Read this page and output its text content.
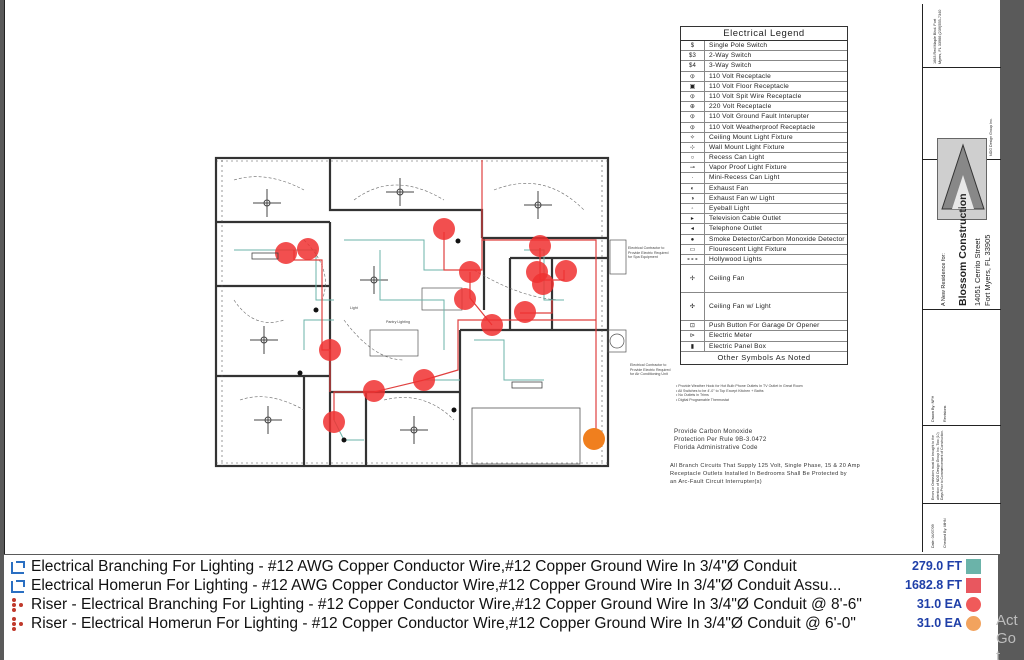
Pantry Lighting
Light
Electrical Contractor to Provide Electric Required for Spa Equipment
Electrical Contractor to Provide Electric Required for Air Conditioning Unit
Electrical Legend
$	Single Pole Switch
$3	2-Way Switch
$4	3-Way Switch
⦶	110 Volt Receptacle
▣	110 Volt Floor Receptacle
⦶	110 Volt Spit Wire Receptacle
⊕	220 Volt Receptacle
⦶	110 Volt Ground Fault Interupter
⦶	110 Volt Weatherproof Receptacle
✧	Ceiling Mount Light Fixture
⊹	Wall Mount Light Fixture
○	Recess Can Light
⊸	Vapor Proof Light Fixture
·	Mini-Recess Can Light
◐	Exhaust Fan
◑	Exhaust Fan w/ Light
◦	Eyeball Light
▸	Television Cable Outlet
◂	Telephone Outlet
●	Smoke Detector/Carbon Monoxide Detector
▭	Flourescent Light Fixture
∘∘∘	Hollywood Lights
✢	Ceiling Fan
✣	Ceiling Fan w/ Light
⊡	Push Button For Garage Dr Opener
⊳	Electric Meter
▮	Electric Panel Box
Other Symbols As Noted
• Provide Weather Hook for Hot Bulb Phone Outlets In TV Outlet in Great Room
• All Switches to be 4'-0" to Top Except Kitchen + Baths
• No Outlets in Trims
• Digital Programable Thermostat
Provide Carbon Monoxide
Protection Per Rule 9B-3.0472
Florida Administrative Code
All Branch Circuits That Supply 125 Volt, Single Phase, 15 & 20 Amp
Receptacle Outlets Installed In Bedrooms Shall Be Protected by
an Arc-Fault Circuit Interrupter(s)
1663 Red Maple Blvd. Fort Myers, FL 33966 (239)555-7340
NDG Design Group Inc.
A New Residence for: Blossom Construction 14051 Cerrito Street Fort Myers, FL 33905
Drawn By: NFH Revisions
Errors or Omissions must be brought to the attention of NDG Design Group Inc. Two (10) Days Prior to Commencement of Construction.
Date: 04/07/09 Checked By: MHN
Electrical Branching For Lighting - #12 AWG Copper Conductor Wire,#12 Copper Ground Wire In 3/4"Ø Conduit	279.0 FT
Electrical Homerun For Lighting - #12 AWG Copper Conductor Wire,#12 Copper Ground Wire In 3/4"Ø Conduit Assu...	1682.8 FT
Riser - Electrical Branching For Lighting - #12 Copper Conductor Wire,#12 Copper Ground Wire In 3/4"Ø Conduit @ 8'-6"	31.0 EA
Riser - Electrical Homerun For Lighting - #12 Copper Conductor Wire,#12 Copper Ground Wire In 3/4"Ø Conduit @ 6'-0"	31.0 EA Act Go t
